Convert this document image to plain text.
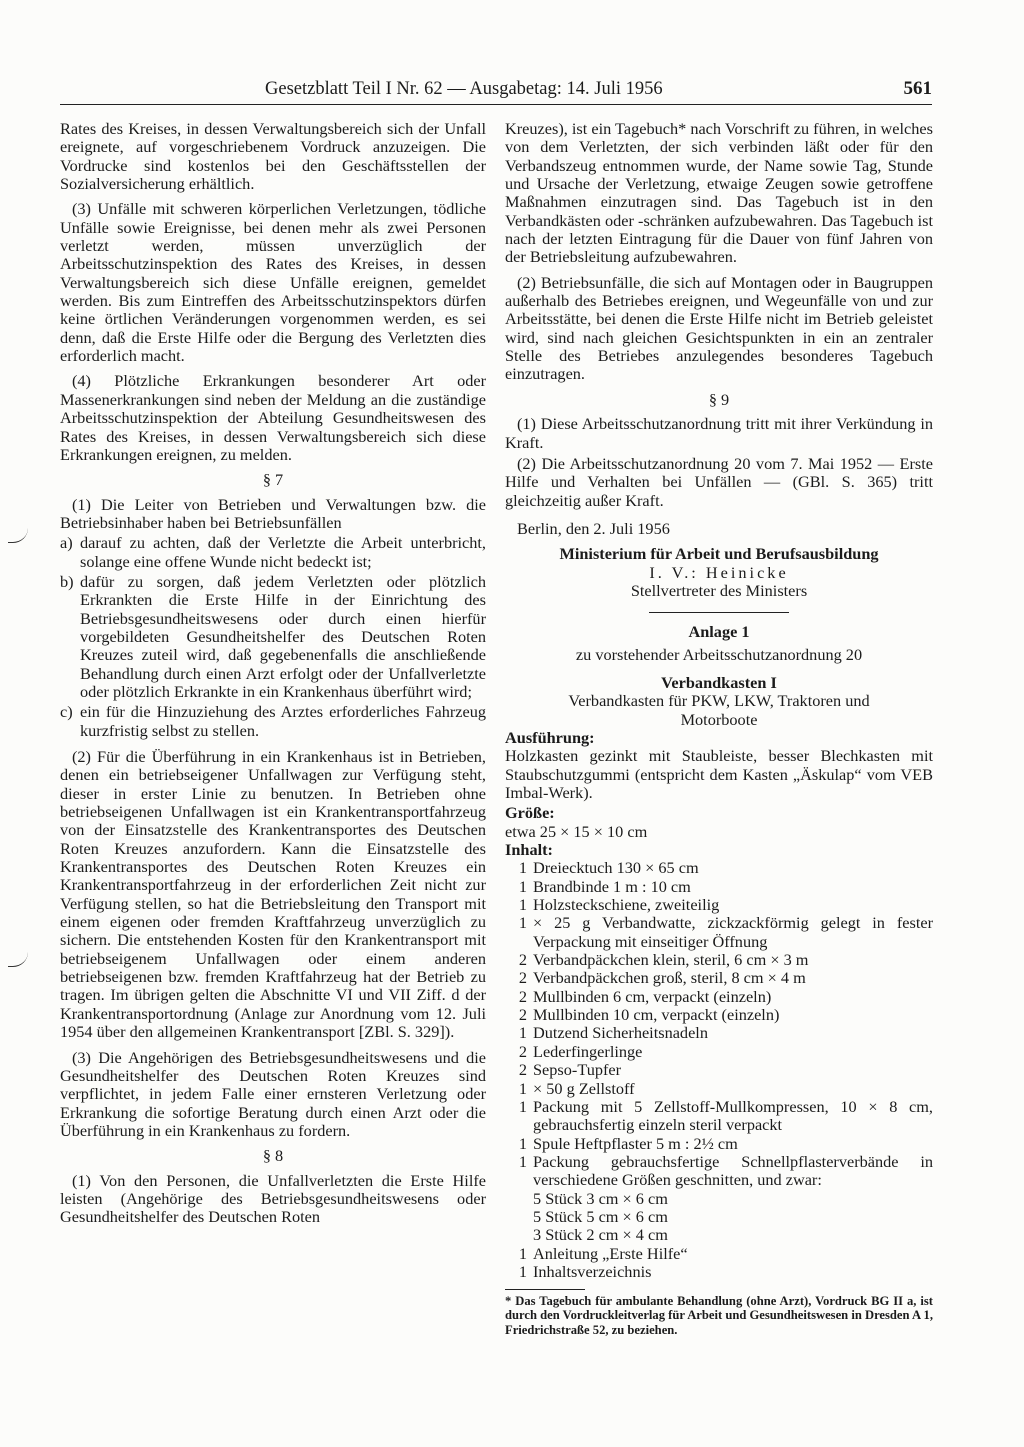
Gesetzblatt Teil I Nr. 62 — Ausgabetag: 14. Juli 1956	561

Rates des Kreises, in dessen Verwaltungsbereich sich der Unfall ereignete, auf vorgeschriebenem Vordruck anzuzeigen. Die Vordrucke sind kostenlos bei den Geschäftsstellen der Sozialversicherung erhältlich.

(3) Unfälle mit schweren körperlichen Verletzungen, tödliche Unfälle sowie Ereignisse, bei denen mehr als zwei Personen verletzt werden, müssen unverzüglich der Arbeitsschutzinspektion des Rates des Kreises, in dessen Verwaltungsbereich sich diese Unfälle ereignen, gemeldet werden. Bis zum Eintreffen des Arbeitsschutzinspektors dürfen keine örtlichen Veränderungen vorgenommen werden, es sei denn, daß die Erste Hilfe oder die Bergung des Verletzten dies erforderlich macht.

(4) Plötzliche Erkrankungen besonderer Art oder Massenerkrankungen sind neben der Meldung an die zuständige Arbeitsschutzinspektion der Abteilung Gesundheitswesen des Rates des Kreises, in dessen Verwaltungsbereich sich diese Erkrankungen ereignen, zu melden.

§ 7

(1) Die Leiter von Betrieben und Verwaltungen bzw. die Betriebsinhaber haben bei Betriebsunfällen

a) darauf zu achten, daß der Verletzte die Arbeit unterbricht, solange eine offene Wunde nicht bedeckt ist;
b) dafür zu sorgen, daß jedem Verletzten oder plötzlich Erkrankten die Erste Hilfe in der Einrichtung des Betriebsgesundheitswesens oder durch einen hierfür vorgebildeten Gesundheitshelfer des Deutschen Roten Kreuzes zuteil wird, daß gegebenenfalls die anschließende Behandlung durch einen Arzt erfolgt oder der Unfallverletzte oder plötzlich Erkrankte in ein Krankenhaus überführt wird;
c) ein für die Hinzuziehung des Arztes erforderliches Fahrzeug kurzfristig selbst zu stellen.

(2) Für die Überführung in ein Krankenhaus ist in Betrieben, denen ein betriebseigener Unfallwagen zur Verfügung steht, dieser in erster Linie zu benutzen. In Betrieben ohne betriebseigenen Unfallwagen ist ein Krankentransportfahrzeug von der Einsatzstelle des Krankentransportes des Deutschen Roten Kreuzes anzufordern. Kann die Einsatzstelle des Krankentransportes des Deutschen Roten Kreuzes ein Krankentransportfahrzeug in der erforderlichen Zeit nicht zur Verfügung stellen, so hat die Betriebsleitung den Transport mit einem eigenen oder fremden Kraftfahrzeug unverzüglich zu sichern. Die entstehenden Kosten für den Krankentransport mit betriebseigenem Unfallwagen oder einem anderen betriebseigenen bzw. fremden Kraftfahrzeug hat der Betrieb zu tragen. Im übrigen gelten die Abschnitte VI und VII Ziff. d der Krankentransportordnung (Anlage zur Anordnung vom 12. Juli 1954 über den allgemeinen Krankentransport [ZBl. S. 329]).

(3) Die Angehörigen des Betriebsgesundheitswesens und die Gesundheitshelfer des Deutschen Roten Kreuzes sind verpflichtet, in jedem Falle einer ernsteren Verletzung oder Erkrankung die sofortige Beratung durch einen Arzt oder die Überführung in ein Krankenhaus zu fordern.

§ 8

(1) Von den Personen, die Unfallverletzten die Erste Hilfe leisten (Angehörige des Betriebsgesundheitswesens oder Gesundheitshelfer des Deutschen Roten

Kreuzes), ist ein Tagebuch* nach Vorschrift zu führen, in welches von dem Verletzten, der sich verbinden läßt oder für den Verbandszeug entnommen wurde, der Name sowie Tag, Stunde und Ursache der Verletzung, etwaige Zeugen sowie getroffene Maßnahmen einzutragen sind. Das Tagebuch ist in den Verbandkästen oder -schränken aufzubewahren. Das Tagebuch ist nach der letzten Eintragung für die Dauer von fünf Jahren von der Betriebsleitung aufzubewahren.

(2) Betriebsunfälle, die sich auf Montagen oder in Baugruppen außerhalb des Betriebes ereignen, und Wegeunfälle von und zur Arbeitsstätte, bei denen die Erste Hilfe nicht im Betrieb geleistet wird, sind nach gleichen Gesichtspunkten in ein an zentraler Stelle des Betriebes anzulegendes besonderes Tagebuch einzutragen.

§ 9

(1) Diese Arbeitsschutzanordnung tritt mit ihrer Verkündung in Kraft.

(2) Die Arbeitsschutzanordnung 20 vom 7. Mai 1952 — Erste Hilfe und Verhalten bei Unfällen — (GBl. S. 365) tritt gleichzeitig außer Kraft.

Berlin, den 2. Juli 1956

Ministerium für Arbeit und Berufsausbildung
I. V.: Heinicke
Stellvertreter des Ministers
Anlage 1
zu vorstehender Arbeitsschutzanordnung 20
Verbandkasten I
Verbandkasten für PKW, LKW, Traktoren und Motorboote
Ausführung:

Holzkasten gezinkt mit Staubleiste, besser Blechkasten mit Staubschutzgummi (entspricht dem Kasten „Äskulap“ vom VEB Imbal-Werk).

Größe:
etwa 25 × 15 × 10 cm
Inhalt:
1 Dreiecktuch 130 × 65 cm
1 Brandbinde 1 m : 10 cm
1 Holzsteckschiene, zweiteilig
1 × 25 g Verbandwatte, zickzackförmig gelegt in fester Verpackung mit einseitiger Öffnung
2 Verbandpäckchen klein, steril, 6 cm × 3 m
2 Verbandpäckchen groß, steril, 8 cm × 4 m
2 Mullbinden 6 cm, verpackt (einzeln)
2 Mullbinden 10 cm, verpackt (einzeln)
1 Dutzend Sicherheitsnadeln
2 Lederfingerlinge
2 Sepso-Tupfer
1 × 50 g Zellstoff
1 Packung mit 5 Zellstoff-Mullkompressen, 10 × 8 cm, gebrauchsfertig einzeln steril verpackt
1 Spule Heftpflaster 5 m : 2½ cm
1 Packung gebrauchsfertige Schnellpflasterverbände in verschiedene Größen geschnitten, und zwar:
5 Stück 3 cm × 6 cm
5 Stück 5 cm × 6 cm
3 Stück 2 cm × 4 cm
1 Anleitung „Erste Hilfe“
1 Inhaltsverzeichnis
* Das Tagebuch für ambulante Behandlung (ohne Arzt), Vordruck BG II a, ist durch den Vordruckleitverlag für Arbeit und Gesundheitswesen in Dresden A 1, Friedrichstraße 52, zu beziehen.
